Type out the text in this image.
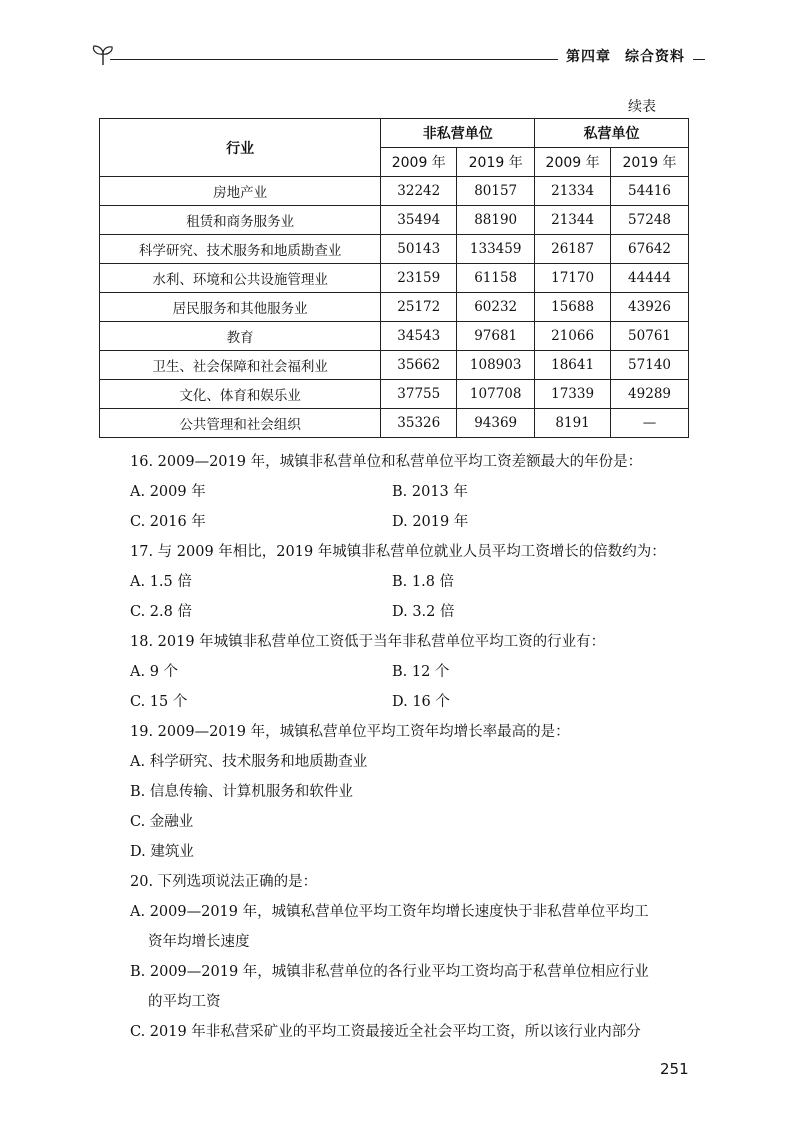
第四章 综合资料
续表
行业	非私营单位		私营单位	
	2009 年	2019 年	2009 年	2019 年
房地产业	32242	80157	21334	54416
租赁和商务服务业	35494	88190	21344	57248
科学研究、技术服务和地质勘查业	50143	133459	26187	67642
水利、环境和公共设施管理业	23159	61158	17170	44444
居民服务和其他服务业	25172	60232	15688	43926
教育	34543	97681	21066	50761
卫生、社会保障和社会福利业	35662	108903	18641	57140
文化、体育和娱乐业	37755	107708	17339	49289
公共管理和社会组织	35326	94369	8191	—
16. 2009—2019 年，城镇非私营单位和私营单位平均工资差额最大的年份是：
A. 2009 年	B. 2013 年
C. 2016 年	D. 2019 年
17. 与 2009 年相比，2019 年城镇非私营单位就业人员平均工资增长的倍数约为：
A. 1.5 倍	B. 1.8 倍
C. 2.8 倍	D. 3.2 倍
18. 2019 年城镇非私营单位工资低于当年非私营单位平均工资的行业有：
A. 9 个	B. 12 个
C. 15 个	D. 16 个
19. 2009—2019 年，城镇私营单位平均工资年均增长率最高的是：
A. 科学研究、技术服务和地质勘查业
B. 信息传输、计算机服务和软件业
C. 金融业
D. 建筑业
20. 下列选项说法正确的是：
A. 2009—2019 年，城镇私营单位平均工资年均增长速度快于非私营单位平均工
资年均增长速度
B. 2009—2019 年，城镇非私营单位的各行业平均工资均高于私营单位相应行业
的平均工资
C. 2019 年非私营采矿业的平均工资最接近全社会平均工资，所以该行业内部分
251
